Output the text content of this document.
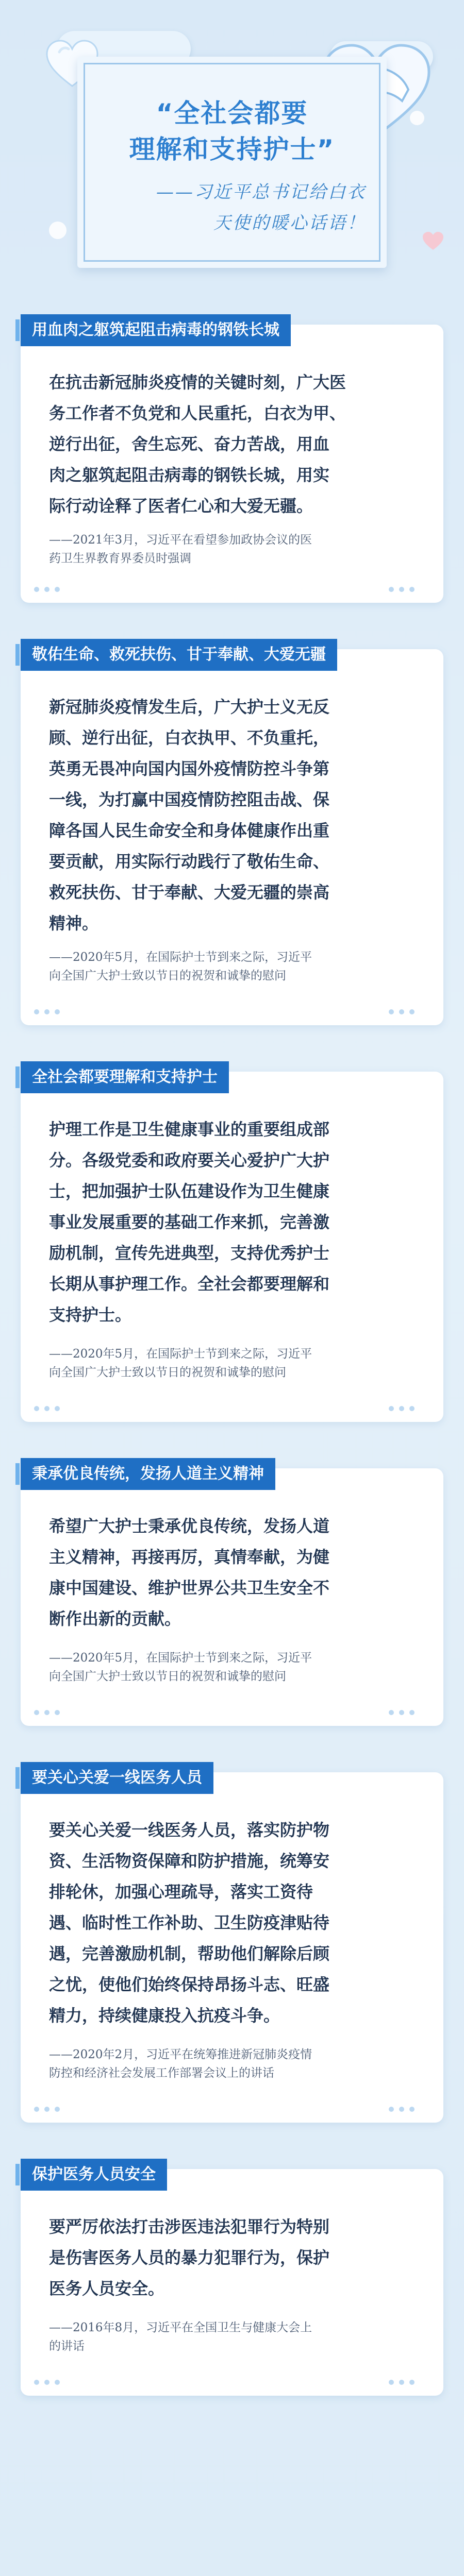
“全社会都要
理解和支持护士”
——习近平总书记给白衣
天使的暖心话语！
用血肉之躯筑起阻击病毒的钢铁长城
在抗击新冠肺炎疫情的关键时刻，广大医
务工作者不负党和人民重托，白衣为甲、
逆行出征，舍生忘死、奋力苦战，用血
肉之躯筑起阻击病毒的钢铁长城，用实
际行动诠释了医者仁心和大爱无疆。
——2021年3月，习近平在看望参加政协会议的医
药卫生界教育界委员时强调
敬佑生命、救死扶伤、甘于奉献、大爱无疆
新冠肺炎疫情发生后，广大护士义无反
顾、逆行出征，白衣执甲、不负重托，
英勇无畏冲向国内国外疫情防控斗争第
一线，为打赢中国疫情防控阻击战、保
障各国人民生命安全和身体健康作出重
要贡献，用实际行动践行了敬佑生命、
救死扶伤、甘于奉献、大爱无疆的崇高
精神。
——2020年5月，在国际护士节到来之际，习近平
向全国广大护士致以节日的祝贺和诚挚的慰问
全社会都要理解和支持护士
护理工作是卫生健康事业的重要组成部
分。各级党委和政府要关心爱护广大护
士，把加强护士队伍建设作为卫生健康
事业发展重要的基础工作来抓，完善激
励机制，宣传先进典型，支持优秀护士
长期从事护理工作。全社会都要理解和
支持护士。
——2020年5月，在国际护士节到来之际，习近平
向全国广大护士致以节日的祝贺和诚挚的慰问
秉承优良传统，发扬人道主义精神
希望广大护士秉承优良传统，发扬人道
主义精神，再接再厉，真情奉献，为健
康中国建设、维护世界公共卫生安全不
断作出新的贡献。
——2020年5月，在国际护士节到来之际，习近平
向全国广大护士致以节日的祝贺和诚挚的慰问
要关心关爱一线医务人员
要关心关爱一线医务人员，落实防护物
资、生活物资保障和防护措施，统筹安
排轮休，加强心理疏导，落实工资待
遇、临时性工作补助、卫生防疫津贴待
遇，完善激励机制，帮助他们解除后顾
之忧，使他们始终保持昂扬斗志、旺盛
精力，持续健康投入抗疫斗争。
——2020年2月，习近平在统筹推进新冠肺炎疫情
防控和经济社会发展工作部署会议上的讲话
保护医务人员安全
要严厉依法打击涉医违法犯罪行为特别
是伤害医务人员的暴力犯罪行为，保护
医务人员安全。
——2016年8月，习近平在全国卫生与健康大会上
的讲话
